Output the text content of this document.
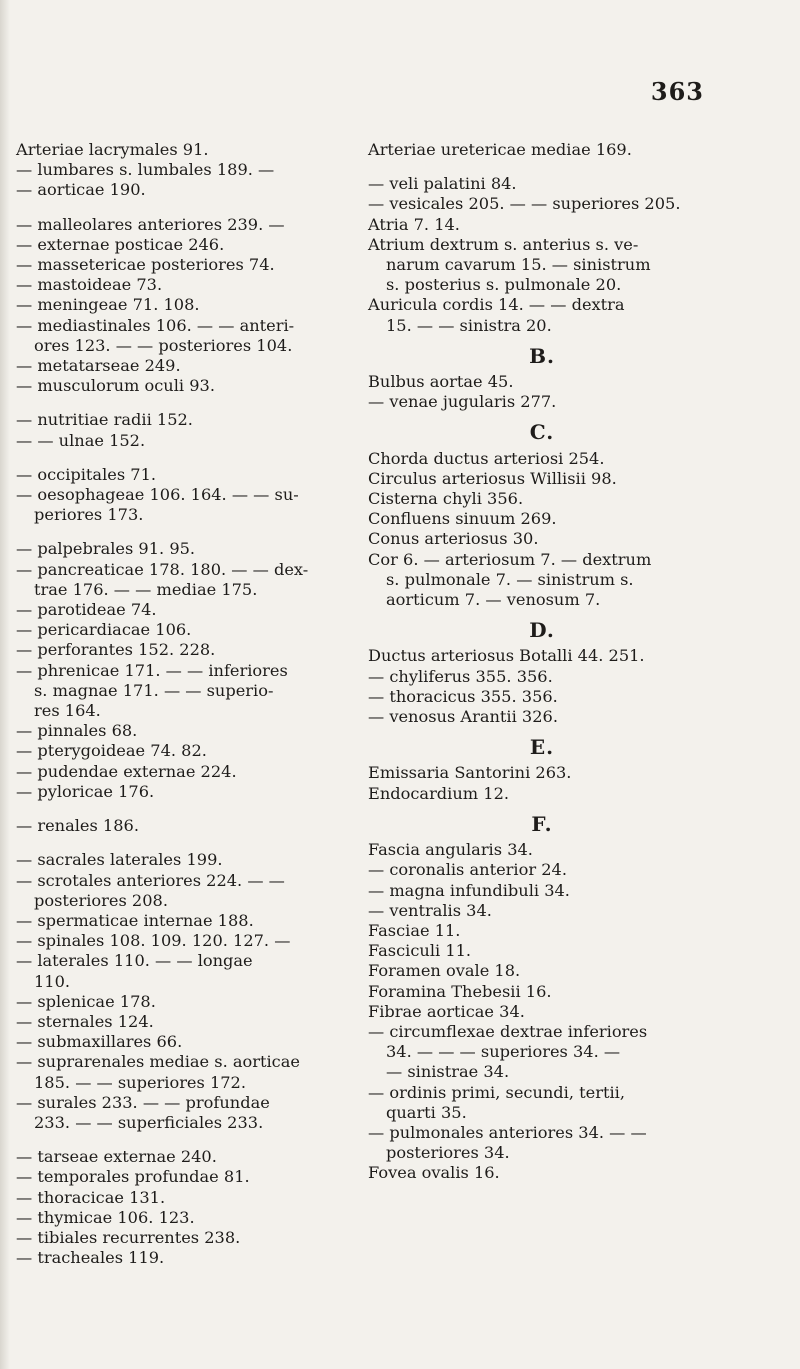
363

Arteriae lacrymales 91.

— lumbares s. lumbales 189. —

— aorticae 190.

— malleolares anteriores 239. —

— externae posticae 246.

— massetericae posteriores 74.

— mastoideae 73.

— meningeae 71. 108.

— mediastinales 106. — — anteri-

ores 123. — — posteriores 104.

— metatarseae 249.

— musculorum oculi 93.

— nutritiae radii 152.

— — ulnae 152.

— occipitales 71.

— oesophageae 106. 164. — — su-

periores 173.

— palpebrales 91. 95.

— pancreaticae 178. 180. — — dex-

trae 176. — — mediae 175.

— parotideae 74.

— pericardiacae 106.

— perforantes 152. 228.

— phrenicae 171. — — inferiores

s. magnae 171. — — superio-

res 164.

— pinnales 68.

— pterygoideae 74. 82.

— pudendae externae 224.

— pyloricae 176.

— renales 186.

— sacrales laterales 199.

— scrotales anteriores 224. — —

posteriores 208.

— spermaticae internae 188.

— spinales 108. 109. 120. 127. —

— laterales 110. — — longae

110.

— splenicae 178.

— sternales 124.

— submaxillares 66.

— suprarenales mediae s. aorticae

185. — — superiores 172.

— surales 233. — — profundae

233. — — superficiales 233.

— tarseae externae 240.

— temporales profundae 81.

— thoracicae 131.

— thymicae 106. 123.

— tibiales recurrentes 238.

— tracheales 119.

Arteriae uretericae mediae 169.

— veli palatini 84.

— vesicales 205. — — superiores 205.

Atria 7. 14.

Atrium dextrum s. anterius s. ve-

narum cavarum 15. — sinistrum

s. posterius s. pulmonale 20.

Auricula cordis 14. — — dextra

15. — — sinistra 20.

B.

Bulbus aortae 45.

— venae jugularis 277.

C.

Chorda ductus arteriosi 254.

Circulus arteriosus Willisii 98.

Cisterna chyli 356.

Confluens sinuum 269.

Conus arteriosus 30.

Cor 6. — arteriosum 7. — dextrum

s. pulmonale 7. — sinistrum s.

aorticum 7. — venosum 7.

D.

Ductus arteriosus Botalli 44. 251.

— chyliferus 355. 356.

— thoracicus 355. 356.

— venosus Arantii 326.

E.

Emissaria Santorini 263.

Endocardium 12.

F.

Fascia angularis 34.

— coronalis anterior 24.

— magna infundibuli 34.

— ventralis 34.

Fasciae 11.

Fasciculi 11.

Foramen ovale 18.

Foramina Thebesii 16.

Fibrae aorticae 34.

— circumflexae dextrae inferiores

34. — — — superiores 34. —

— sinistrae 34.

— ordinis primi, secundi, tertii,

quarti 35.

— pulmonales anteriores 34. — —

posteriores 34.

Fovea ovalis 16.
